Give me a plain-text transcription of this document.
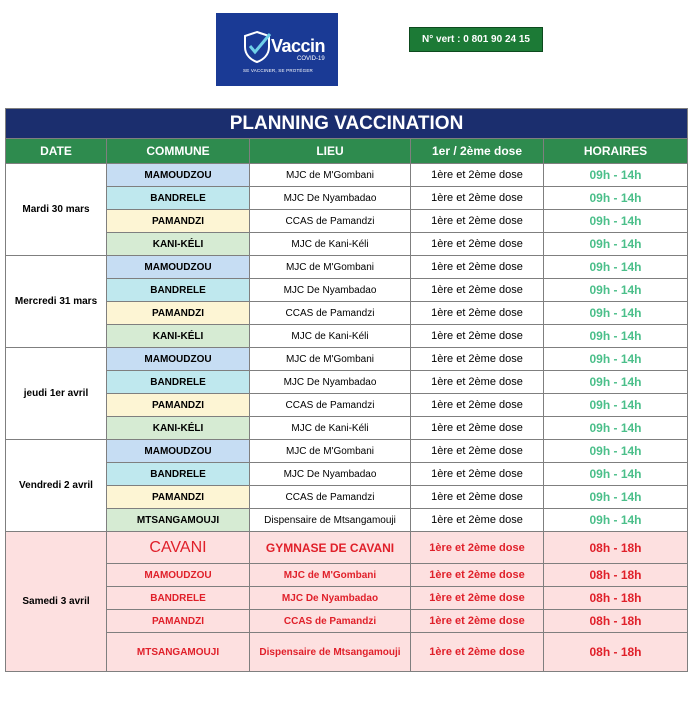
Vaccin
COVID-19
SE VACCINER, SE PROTÉGER
N° vert : 0 801 90 24 15
PLANNING VACCINATION				
DATE	COMMUNE	LIEU	1er / 2ème dose	HORAIRES
Mardi 30 mars	MAMOUDZOU	MJC de M'Gombani	1ère et 2ème dose	09h - 14h
	BANDRELE	MJC De Nyambadao	1ère et 2ème dose	09h - 14h
	PAMANDZI	CCAS de Pamandzi	1ère et 2ème dose	09h - 14h
	KANI-KÉLI	MJC de Kani-Kéli	1ère et 2ème dose	09h - 14h
Mercredi 31 mars	MAMOUDZOU	MJC de M'Gombani	1ère et 2ème dose	09h - 14h
	BANDRELE	MJC De Nyambadao	1ère et 2ème dose	09h - 14h
	PAMANDZI	CCAS de Pamandzi	1ère et 2ème dose	09h - 14h
	KANI-KÉLI	MJC de Kani-Kéli	1ère et 2ème dose	09h - 14h
jeudi 1er avril	MAMOUDZOU	MJC de M'Gombani	1ère et 2ème dose	09h - 14h
	BANDRELE	MJC De Nyambadao	1ère et 2ème dose	09h - 14h
	PAMANDZI	CCAS de Pamandzi	1ère et 2ème dose	09h - 14h
	KANI-KÉLI	MJC de Kani-Kéli	1ère et 2ème dose	09h - 14h
Vendredi 2 avril	MAMOUDZOU	MJC de M'Gombani	1ère et 2ème dose	09h - 14h
	BANDRELE	MJC De Nyambadao	1ère et 2ème dose	09h - 14h
	PAMANDZI	CCAS de Pamandzi	1ère et 2ème dose	09h - 14h
	MTSANGAMOUJI	Dispensaire de Mtsangamouji	1ère et 2ème dose	09h - 14h
Samedi 3 avril	CAVANI	GYMNASE DE CAVANI	1ère et 2ème dose	08h - 18h
	MAMOUDZOU	MJC de M'Gombani	1ère et 2ème dose	08h - 18h
	BANDRELE	MJC De Nyambadao	1ère et 2ème dose	08h - 18h
	PAMANDZI	CCAS de Pamandzi	1ère et 2ème dose	08h - 18h
	MTSANGAMOUJI	Dispensaire de Mtsangamouji	1ère et 2ème dose	08h - 18h
